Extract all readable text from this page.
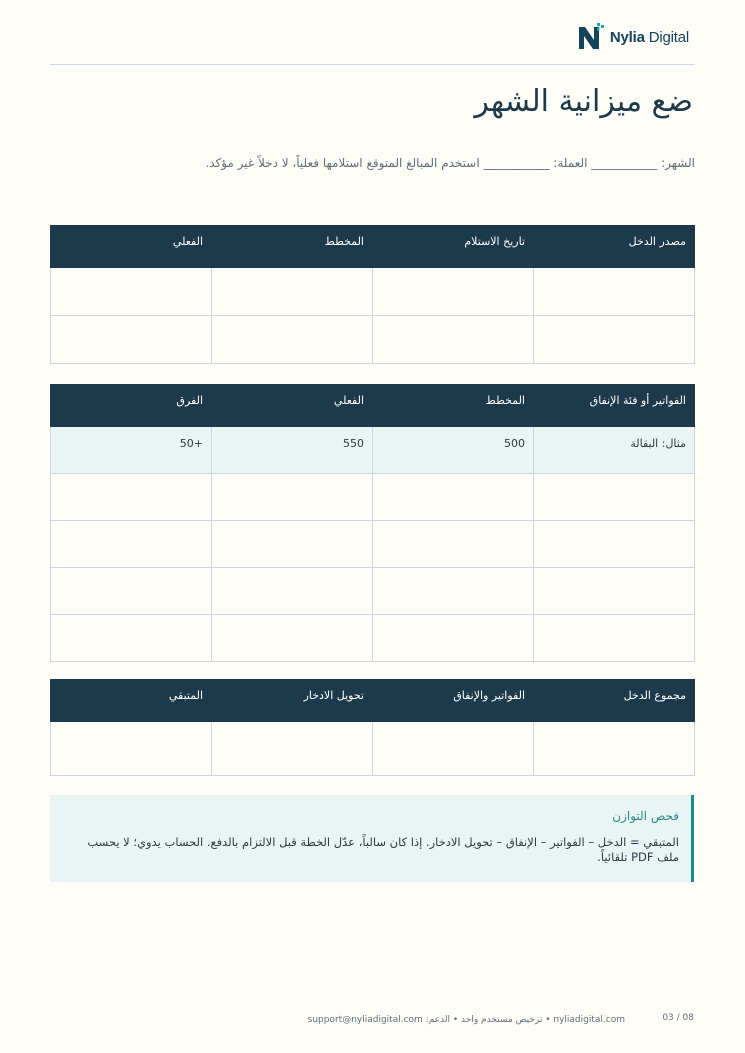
Nylia Digital
ضع ميزانية الشهر
الشهر: ___________ العملة: ___________ استخدم المبالغ المتوقع استلامها فعلياً، لا دخلاً غير مؤكد.
مصدر الدخل	تاريخ الاستلام	المخطط	الفعلي

الفواتير أو فئة الإنفاق	المخطط	الفعلي	الفرق
مثال: البقالة	500	550	+50

مجموع الدخل	الفواتير والإنفاق	تحويل الادخار	المتبقي

فحص التوازن
المتبقي = الدخل – الفواتير – الإنفاق – تحويل الادخار. إذا كان سالباً، عدّل الخطة قبل الالتزام بالدفع. الحساب يدوي؛ لا يحسب ملف PDF تلقائياً.
nyliadigital.com • ترخيص مستخدم واحد • الدعم: support@nyliadigital.com	03 / 08
